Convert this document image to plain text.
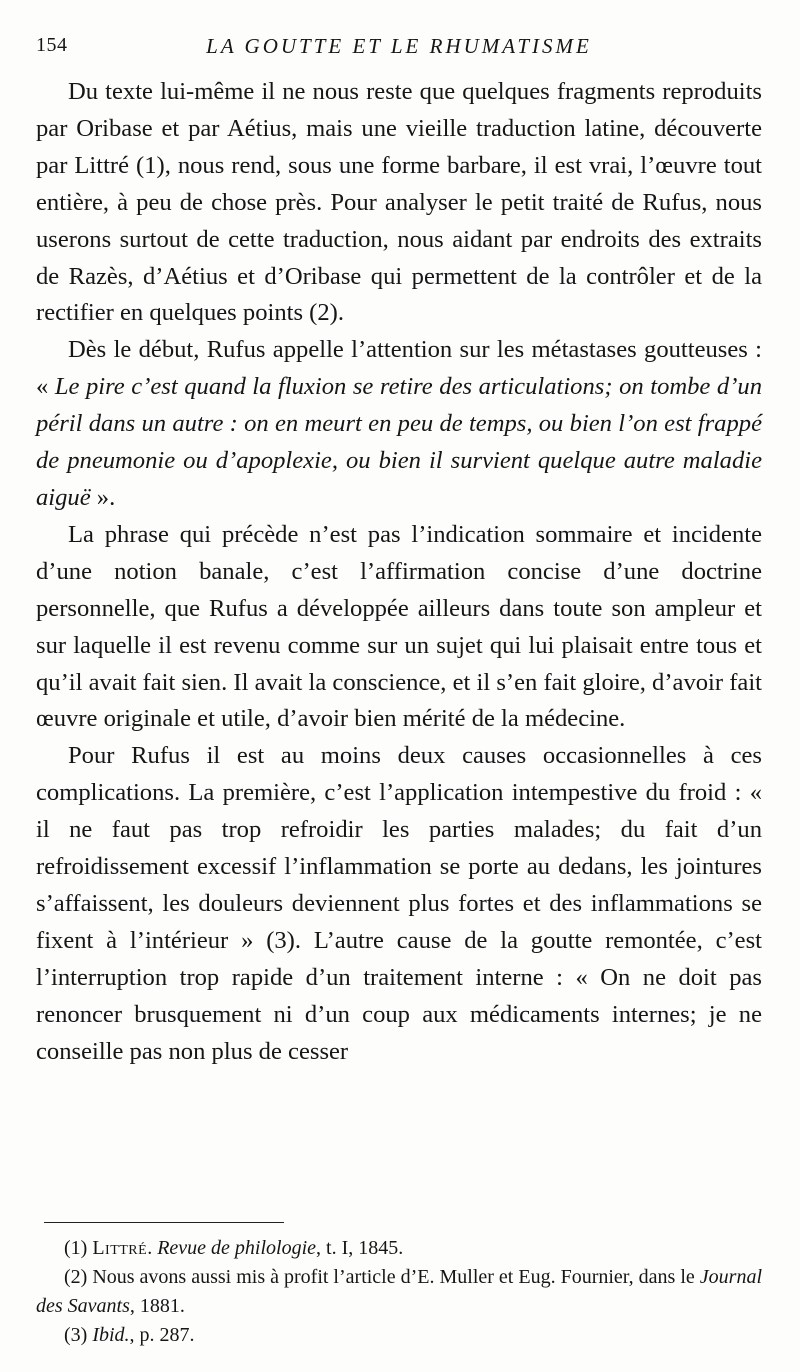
154	LA GOUTTE ET LE RHUMATISME

Du texte lui-même il ne nous reste que quelques fragments reproduits par Oribase et par Aétius, mais une vieille traduction latine, découverte par Littré (1), nous rend, sous une forme barbare, il est vrai, l’œuvre tout entière, à peu de chose près. Pour analyser le petit traité de Rufus, nous userons surtout de cette traduction, nous aidant par endroits des extraits de Razès, d’Aétius et d’Oribase qui permettent de la contrôler et de la rectifier en quelques points (2).

Dès le début, Rufus appelle l’attention sur les métastases goutteuses : « Le pire c’est quand la fluxion se retire des articulations; on tombe d’un péril dans un autre : on en meurt en peu de temps, ou bien l’on est frappé de pneumonie ou d’apoplexie, ou bien il survient quelque autre maladie aiguë ».

La phrase qui précède n’est pas l’indication sommaire et incidente d’une notion banale, c’est l’affirmation concise d’une doctrine personnelle, que Rufus a développée ailleurs dans toute son ampleur et sur laquelle il est revenu comme sur un sujet qui lui plaisait entre tous et qu’il avait fait sien. Il avait la conscience, et il s’en fait gloire, d’avoir fait œuvre originale et utile, d’avoir bien mérité de la médecine.

Pour Rufus il est au moins deux causes occasionnelles à ces complications. La première, c’est l’application intempestive du froid : « il ne faut pas trop refroidir les parties malades; du fait d’un refroidissement excessif l’inflammation se porte au dedans, les jointures s’affaissent, les douleurs deviennent plus fortes et des inflammations se fixent à l’intérieur » (3). L’autre cause de la goutte remontée, c’est l’interruption trop rapide d’un traitement interne : « On ne doit pas renoncer brusquement ni d’un coup aux médicaments internes; je ne conseille pas non plus de cesser

(1) Littré. Revue de philologie, t. I, 1845.

(2) Nous avons aussi mis à profit l’article d’E. Muller et Eug. Fournier, dans le Journal des Savants, 1881.

(3) Ibid., p. 287.
